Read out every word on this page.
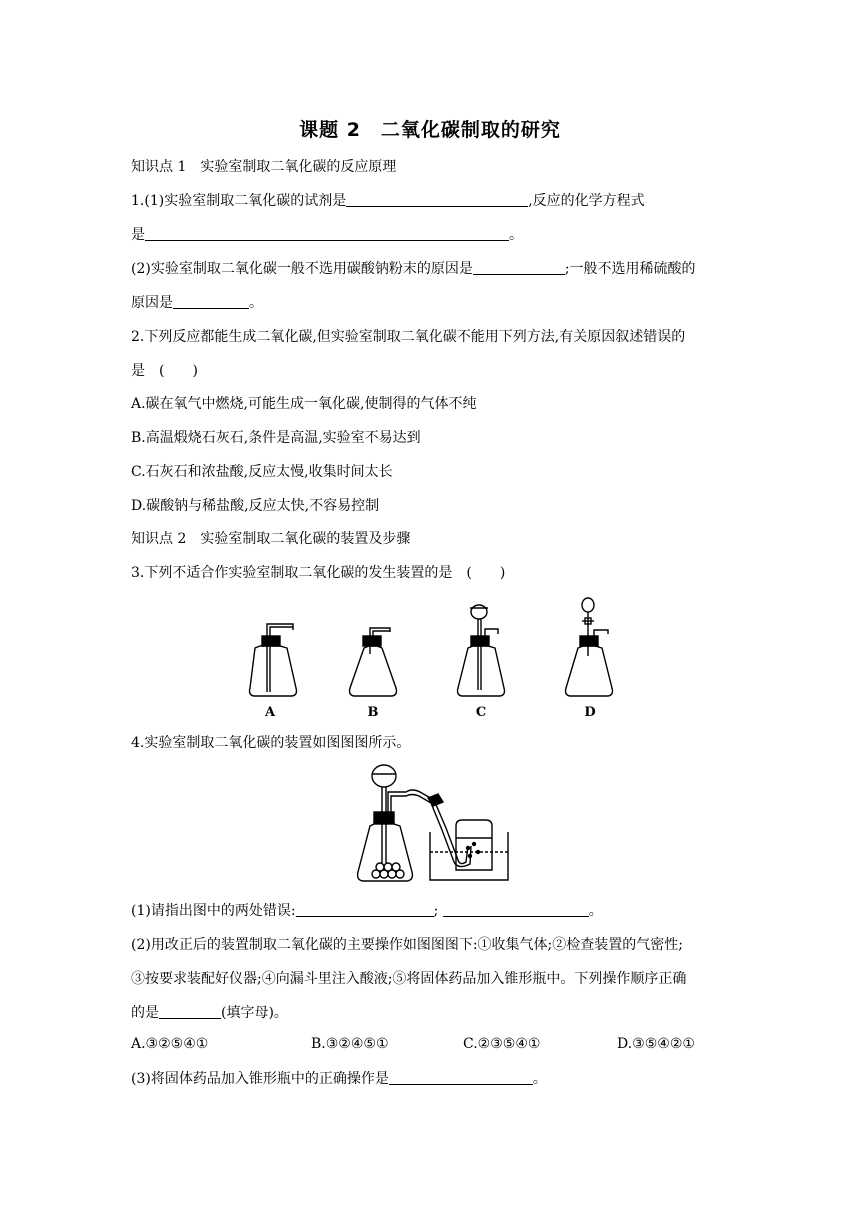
课题 2　二氧化碳制取的研究
知识点 1　实验室制取二氧化碳的反应原理
1.(1)实验室制取二氧化碳的试剂是	,反应的化学方程式
是	。
(2)实验室制取二氧化碳一般不选用碳酸钠粉末的原因是	;一般不选用稀硫酸的
原因是	。
2.下列反应都能生成二氧化碳,但实验室制取二氧化碳不能用下列方法,有关原因叙述错误的
是　(　　)
A.碳在氧气中燃烧,可能生成一氧化碳,使制得的气体不纯
B.高温煅烧石灰石,条件是高温,实验室不易达到
C.石灰石和浓盐酸,反应太慢,收集时间太长
D.碳酸钠与稀盐酸,反应太快,不容易控制
知识点 2　实验室制取二氧化碳的装置及步骤
3.下列不适合作实验室制取二氧化碳的发生装置的是　(　　)
A	B	C	D
4.实验室制取二氧化碳的装置如图图图所示。
(1)请指出图中的两处错误:	;	。
(2)用改正后的装置制取二氧化碳的主要操作如图图图下:①收集气体;②检查装置的气密性;
③按要求装配好仪器;④向漏斗里注入酸液;⑤将固体药品加入锥形瓶中。下列操作顺序正确
的是	(填字母)。
A.③②⑤④①	B.③②④⑤①	C.②③⑤④①	D.③⑤④②①
(3)将固体药品加入锥形瓶中的正确操作是	。
